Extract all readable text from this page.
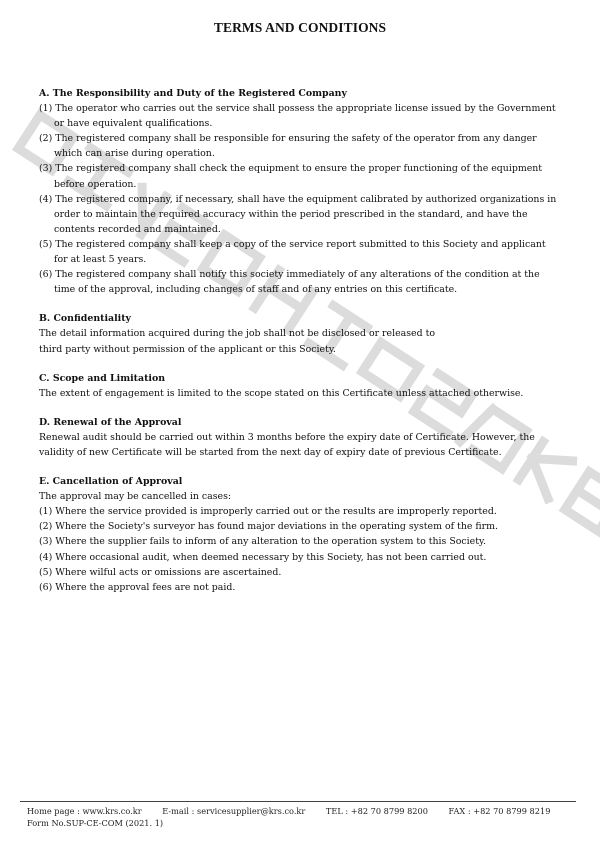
TERMS AND CONDITIONS
A. The Responsibility and Duty of the Registered Company
(1) The operator who carries out the service shall possess the appropriate license issued by the Government or have equivalent qualifications.
(2) The registered company shall be responsible for ensuring the safety of the operator from any danger which can arise during operation.
(3) The registered company shall check the equipment to ensure the proper functioning of the equipment before operation.
(4) The registered company, if necessary, shall have the equipment calibrated by authorized organizations in order to maintain the required accuracy within the period prescribed in the standard, and have the contents recorded and maintained.
(5) The registered company shall keep a copy of the service report submitted to this Society and applicant for at least 5 years.
(6) The registered company shall notify this society immediately of any alterations of the condition at the time of the approval, including changes of staff and of any entries on this certificate.
B. Confidentiality
The detail information acquired during the job shall not be disclosed or released to
third party without permission of the applicant or this Society.
C. Scope and Limitation
The extent of engagement is limited to the scope stated on this Certificate unless attached otherwise.
D. Renewal of the Approval
Renewal audit should be carried out within 3 months before the expiry date of Certificate. However, the validity of new Certificate will be started from the next day of expiry date of previous Certificate.
E. Cancellation of Approval
The approval may be cancelled in cases:
(1) Where the service provided is improperly carried out or the results are improperly reported.
(2) Where the Society's surveyor has found major deviations in the operating system of the firm.
(3) Where the supplier fails to inform of any alteration to the operation system to this Society.
(4) Where occasional audit, when deemed necessary by this Society, has not been carried out.
(5) Where wilful acts or omissions are ascertained.
(6) Where the approval fees are not paid.
Home page : www.krs.co.kr	E-mail : servicesupplier@krs.co.kr	TEL : +82 70 8799 8200	FAX : +82 70 8799 8219
Form No.SUP-CE-COM (2021. 1)
